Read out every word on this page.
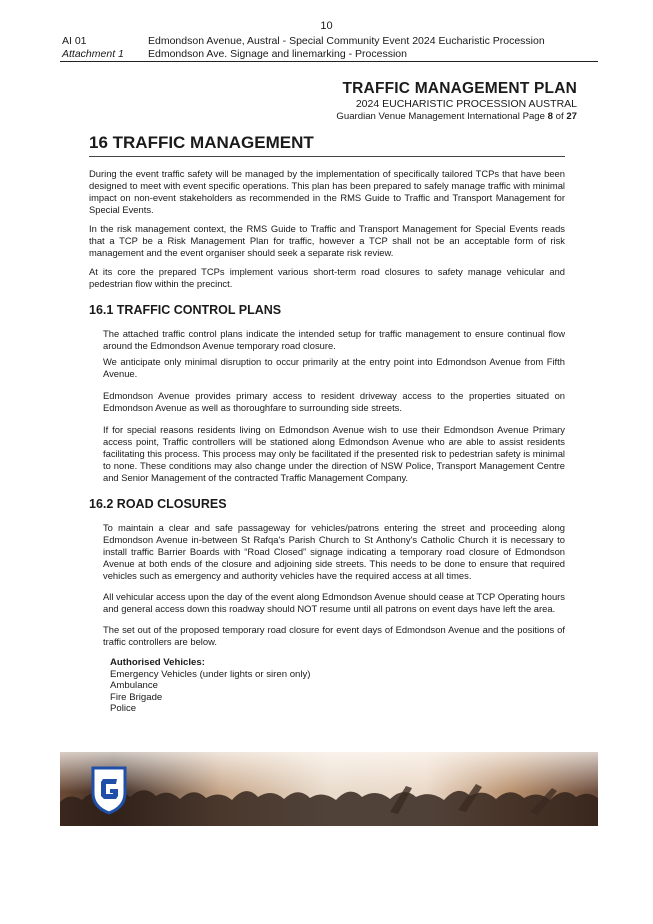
10
AI 01	Edmondson Avenue, Austral - Special Community Event 2024 Eucharistic Procession
Attachment 1	Edmondson Ave. Signage and linemarking - Procession
TRAFFIC MANAGEMENT PLAN
2024 EUCHARISTIC PROCESSION AUSTRAL
Guardian Venue Management International Page 8 of 27
16 TRAFFIC MANAGEMENT

During the event traffic safety will be managed by the implementation of specifically tailored TCPs that have been designed to meet with event specific operations. This plan has been prepared to safely manage traffic with minimal impact on non-event stakeholders as recommended in the RMS Guide to Traffic and Transport Management for Special Events.

In the risk management context, the RMS Guide to Traffic and Transport Management for Special Events reads that a TCP be a Risk Management Plan for traffic, however a TCP shall not be an acceptable form of risk management and the event organiser should seek a separate risk review.

At its core the prepared TCPs implement various short-term road closures to safety manage vehicular and pedestrian flow within the precinct.

16.1 TRAFFIC CONTROL PLANS

The attached traffic control plans indicate the intended setup for traffic management to ensure continual flow around the Edmondson Avenue temporary road closure.

We anticipate only minimal disruption to occur primarily at the entry point into Edmondson Avenue from Fifth Avenue.

Edmondson Avenue provides primary access to resident driveway access to the properties situated on Edmondson Avenue as well as thoroughfare to surrounding side streets.

If for special reasons residents living on Edmondson Avenue wish to use their Edmondson Avenue Primary access point, Traffic controllers will be stationed along Edmondson Avenue who are able to assist residents facilitating this process. This process may only be facilitated if the presented risk to pedestrian safety is minimal to none. These conditions may also change under the direction of NSW Police, Transport Management Centre and Senior Management of the contracted Traffic Management Company.

16.2 ROAD CLOSURES

To maintain a clear and safe passageway for vehicles/patrons entering the street and proceeding along Edmondson Avenue in-between St Rafqa's Parish Church to St Anthony's Catholic Church it is necessary to install traffic Barrier Boards with “Road Closed” signage indicating a temporary road closure of Edmondson Avenue at both ends of the closure and adjoining side streets. This needs to be done to ensure that required vehicles such as emergency and authority vehicles have the required access at all times.

All vehicular access upon the day of the event along Edmondson Avenue should cease at TCP Operating hours and general access down this roadway should NOT resume until all patrons on event days have left the area.

The set out of the proposed temporary road closure for event days of Edmondson Avenue and the positions of traffic controllers are below.

Authorised Vehicles:
Emergency Vehicles (under lights or siren only)
Ambulance
Fire Brigade
Police
